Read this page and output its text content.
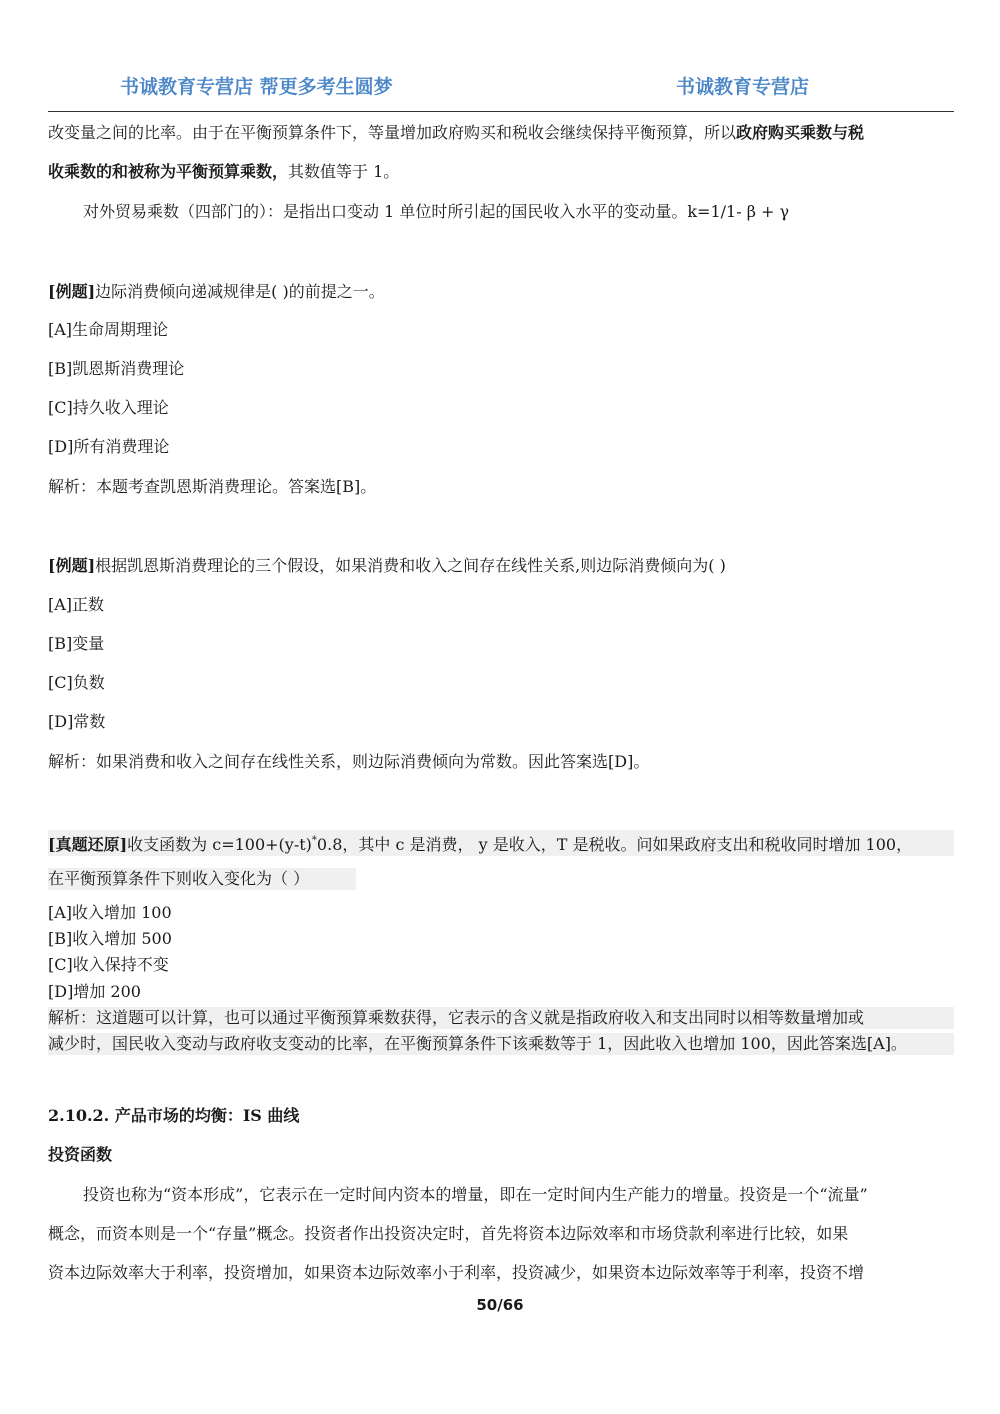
书诚教育专营店 帮更多考生圆梦	书诚教育专营店
改变量之间的比率。由于在平衡预算条件下，等量增加政府购买和税收会继续保持平衡预算，所以政府购买乘数与税
收乘数的和被称为平衡预算乘数，其数值等于 1。
对外贸易乘数（四部门的）：是指出口变动 1 单位时所引起的国民收入水平的变动量。k=1/1- β + γ
[例题]边际消费倾向递减规律是( )的前提之一。
[A]生命周期理论
[B]凯恩斯消费理论
[C]持久收入理论
[D]所有消费理论
解析：本题考查凯恩斯消费理论。答案选[B]。
[例题]根据凯恩斯消费理论的三个假设，如果消费和收入之间存在线性关系,则边际消费倾向为( )
[A]正数
[B]变量
[C]负数
[D]常数
解析：如果消费和收入之间存在线性关系，则边际消费倾向为常数。因此答案选[D]。
[真题还原]收支函数为 c=100+(y-t)*0.8，其中 c 是消费， y 是收入，T 是税收。问如果政府支出和税收同时增加 100，
在平衡预算条件下则收入变化为（ ）
[A]收入增加 100
[B]收入增加 500
[C]收入保持不变
[D]增加 200
解析：这道题可以计算，也可以通过平衡预算乘数获得，它表示的含义就是指政府收入和支出同时以相等数量增加或
减少时，国民收入变动与政府收支变动的比率，在平衡预算条件下该乘数等于 1，因此收入也增加 100，因此答案选[A]。
2.10.2. 产品市场的均衡：IS 曲线
投资函数
投资也称为“资本形成”，它表示在一定时间内资本的增量，即在一定时间内生产能力的增量。投资是一个“流量”
概念，而资本则是一个“存量”概念。投资者作出投资决定时，首先将资本边际效率和市场贷款利率进行比较，如果
资本边际效率大于利率，投资增加，如果资本边际效率小于利率，投资减少，如果资本边际效率等于利率，投资不增
50/66
